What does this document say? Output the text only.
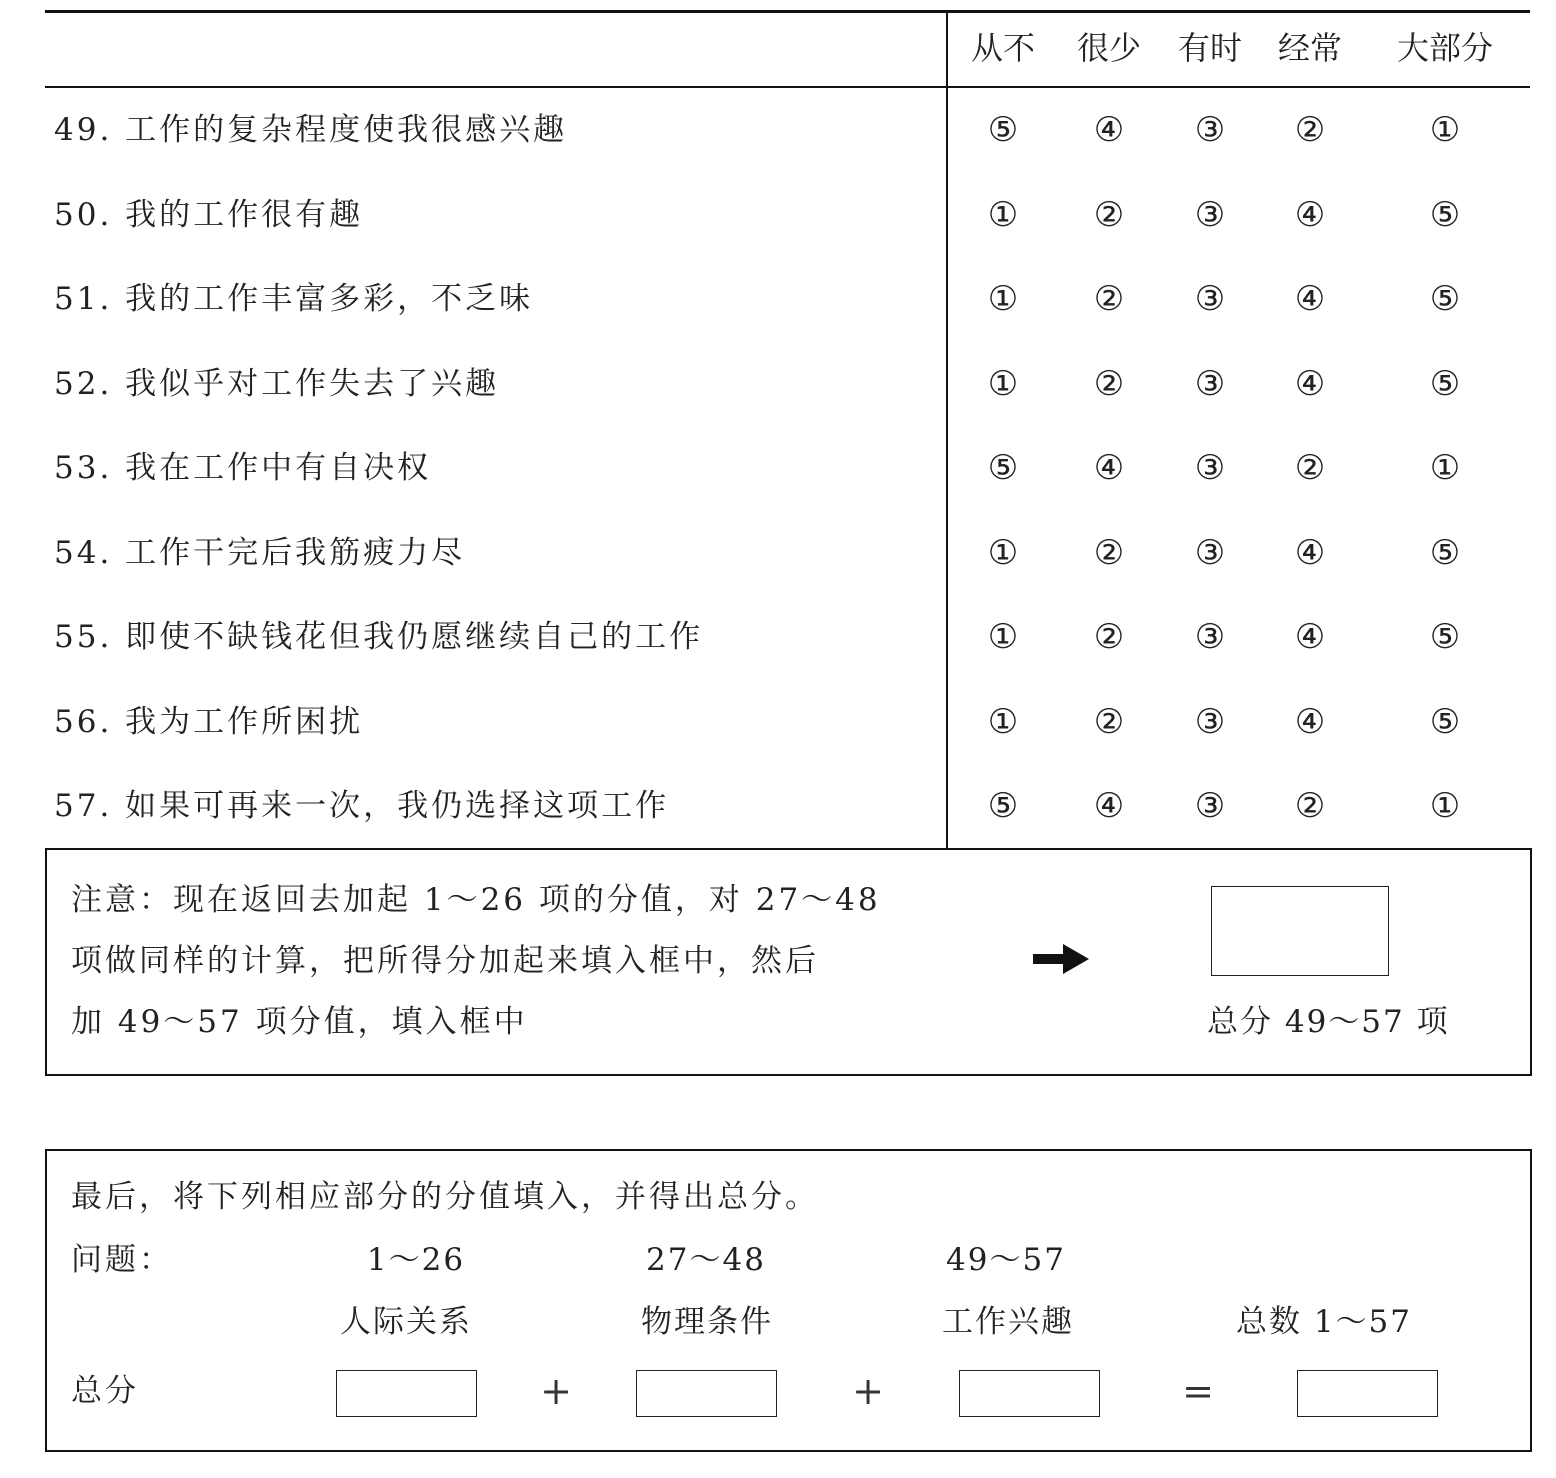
从不	很少	有时	经常	大部分
49. 工作的复杂程度使我很感兴趣	⑤	④	③	②	①
50. 我的工作很有趣	①	②	③	④	⑤
51. 我的工作丰富多彩，不乏味	①	②	③	④	⑤
52. 我似乎对工作失去了兴趣	①	②	③	④	⑤
53. 我在工作中有自决权	⑤	④	③	②	①
54. 工作干完后我筋疲力尽	①	②	③	④	⑤
55. 即使不缺钱花但我仍愿继续自己的工作	①	②	③	④	⑤
56. 我为工作所困扰	①	②	③	④	⑤
57. 如果可再来一次，我仍选择这项工作	⑤	④	③	②	①
注意：现在返回去加起 1～26 项的分值，对 27～48
项做同样的计算，把所得分加起来填入框中，然后
加 49～57 项分值，填入框中	总分 49～57 项
最后，将下列相应部分的分值填入，并得出总分。
问题：	1～26	27～48	49～57
人际关系	物理条件	工作兴趣	总数 1～57
总分	+	+	=
